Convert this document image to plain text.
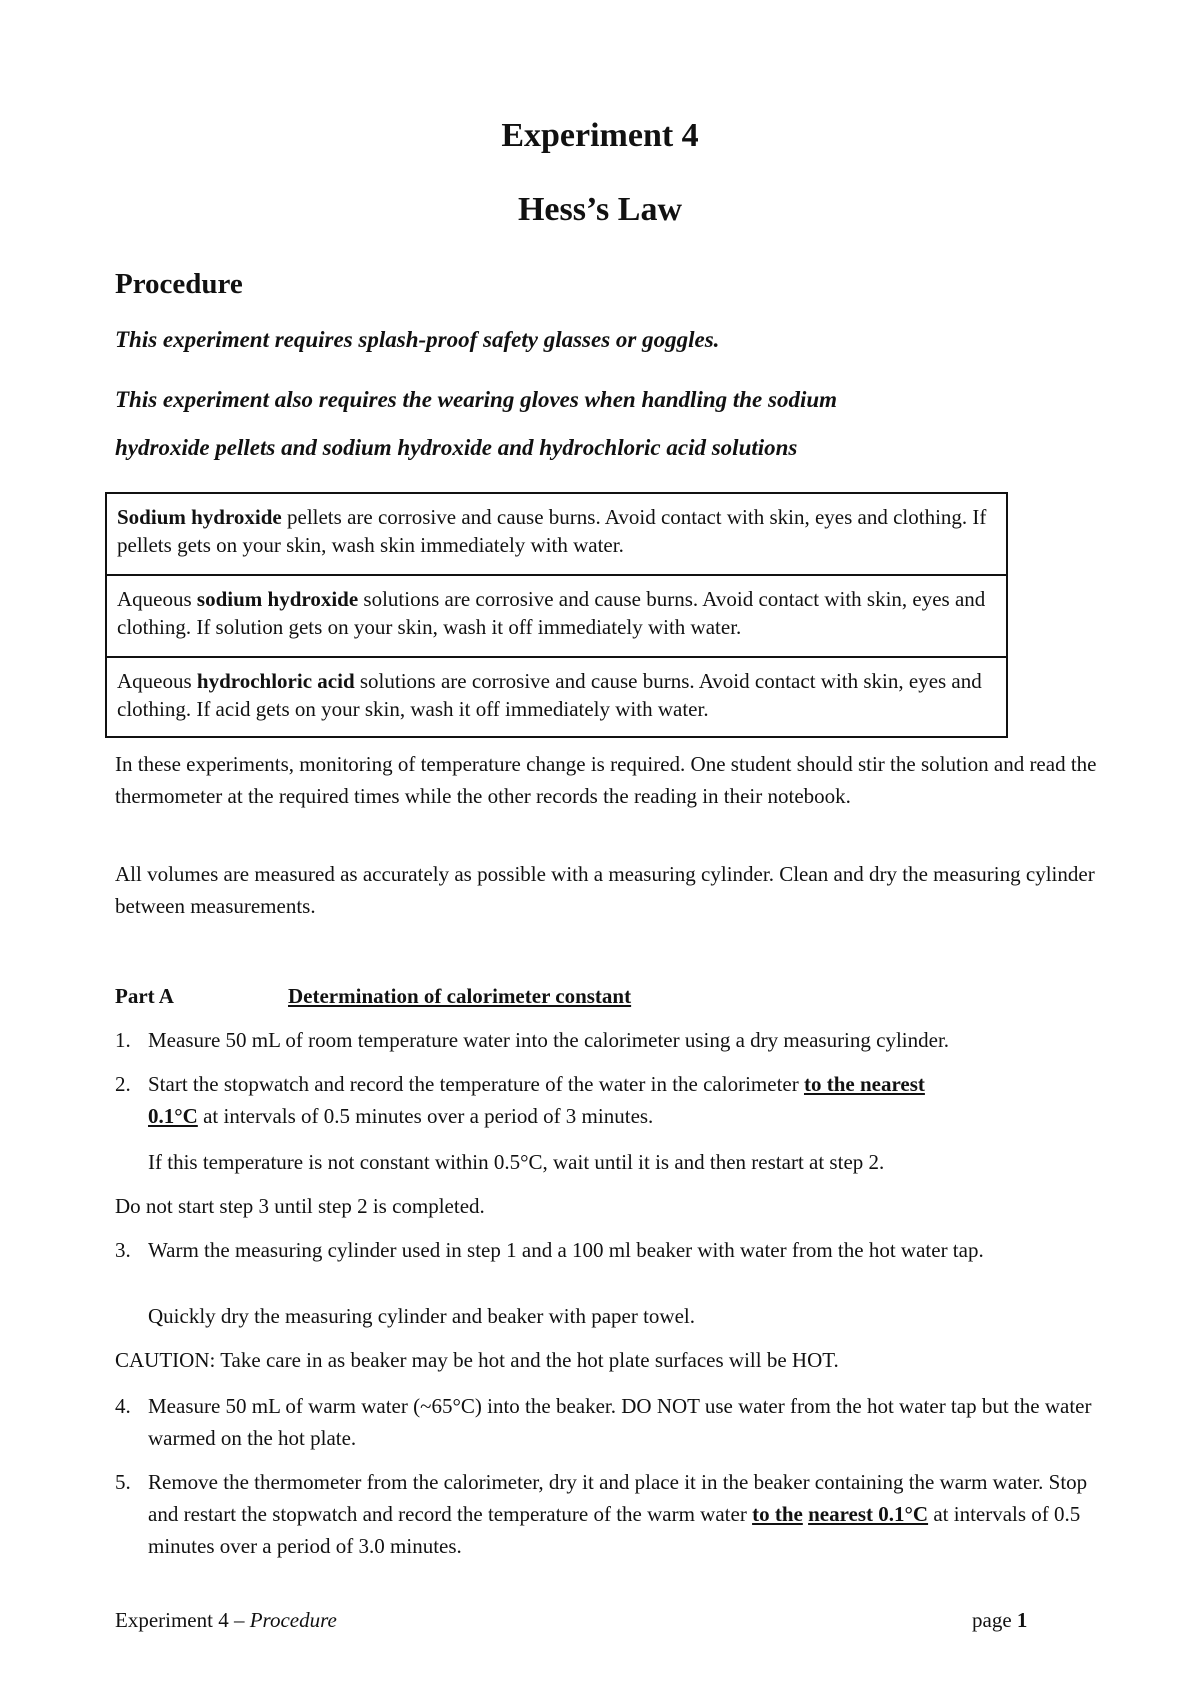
Experiment 4
Hess’s Law
Procedure

This experiment requires splash-proof safety glasses or goggles.

This experiment also requires the wearing gloves when handling the sodium
hydroxide pellets and sodium hydroxide and hydrochloric acid solutions
Sodium hydroxide pellets are corrosive and cause burns. Avoid contact with skin, eyes and clothing. If pellets gets on your skin, wash skin immediately with water.
Aqueous sodium hydroxide solutions are corrosive and cause burns. Avoid contact with skin, eyes and clothing. If solution gets on your skin, wash it off immediately with water.
Aqueous hydrochloric acid solutions are corrosive and cause burns. Avoid contact with skin, eyes and clothing. If acid gets on your skin, wash it off immediately with water.

In these experiments, monitoring of temperature change is required. One student should stir the solution and read the thermometer at the required times while the other records the reading in their notebook.

All volumes are measured as accurately as possible with a measuring cylinder. Clean and dry the measuring cylinder between measurements.

Part A	Determination of calorimeter constant
1. Measure 50 mL of room temperature water into the calorimeter using a dry measuring cylinder.
2. Start the stopwatch and record the temperature of the water in the calorimeter to the nearest
0.1°C at intervals of 0.5 minutes over a period of 3 minutes.
If this temperature is not constant within 0.5°C, wait until it is and then restart at step 2.
Do not start step 3 until step 2 is completed.
3. Warm the measuring cylinder used in step 1 and a 100 ml beaker with water from the hot water tap.
Quickly dry the measuring cylinder and beaker with paper towel.
CAUTION: Take care in as beaker may be hot and the hot plate surfaces will be HOT.
4. Measure 50 mL of warm water (~65°C) into the beaker. DO NOT use water from the hot water tap but the water warmed on the hot plate.
5. Remove the thermometer from the calorimeter, dry it and place it in the beaker containing the warm water. Stop and restart the stopwatch and record the temperature of the warm water to the nearest 0.1°C at intervals of 0.5 minutes over a period of 3.0 minutes.
Experiment 4 – Procedure	page 1
